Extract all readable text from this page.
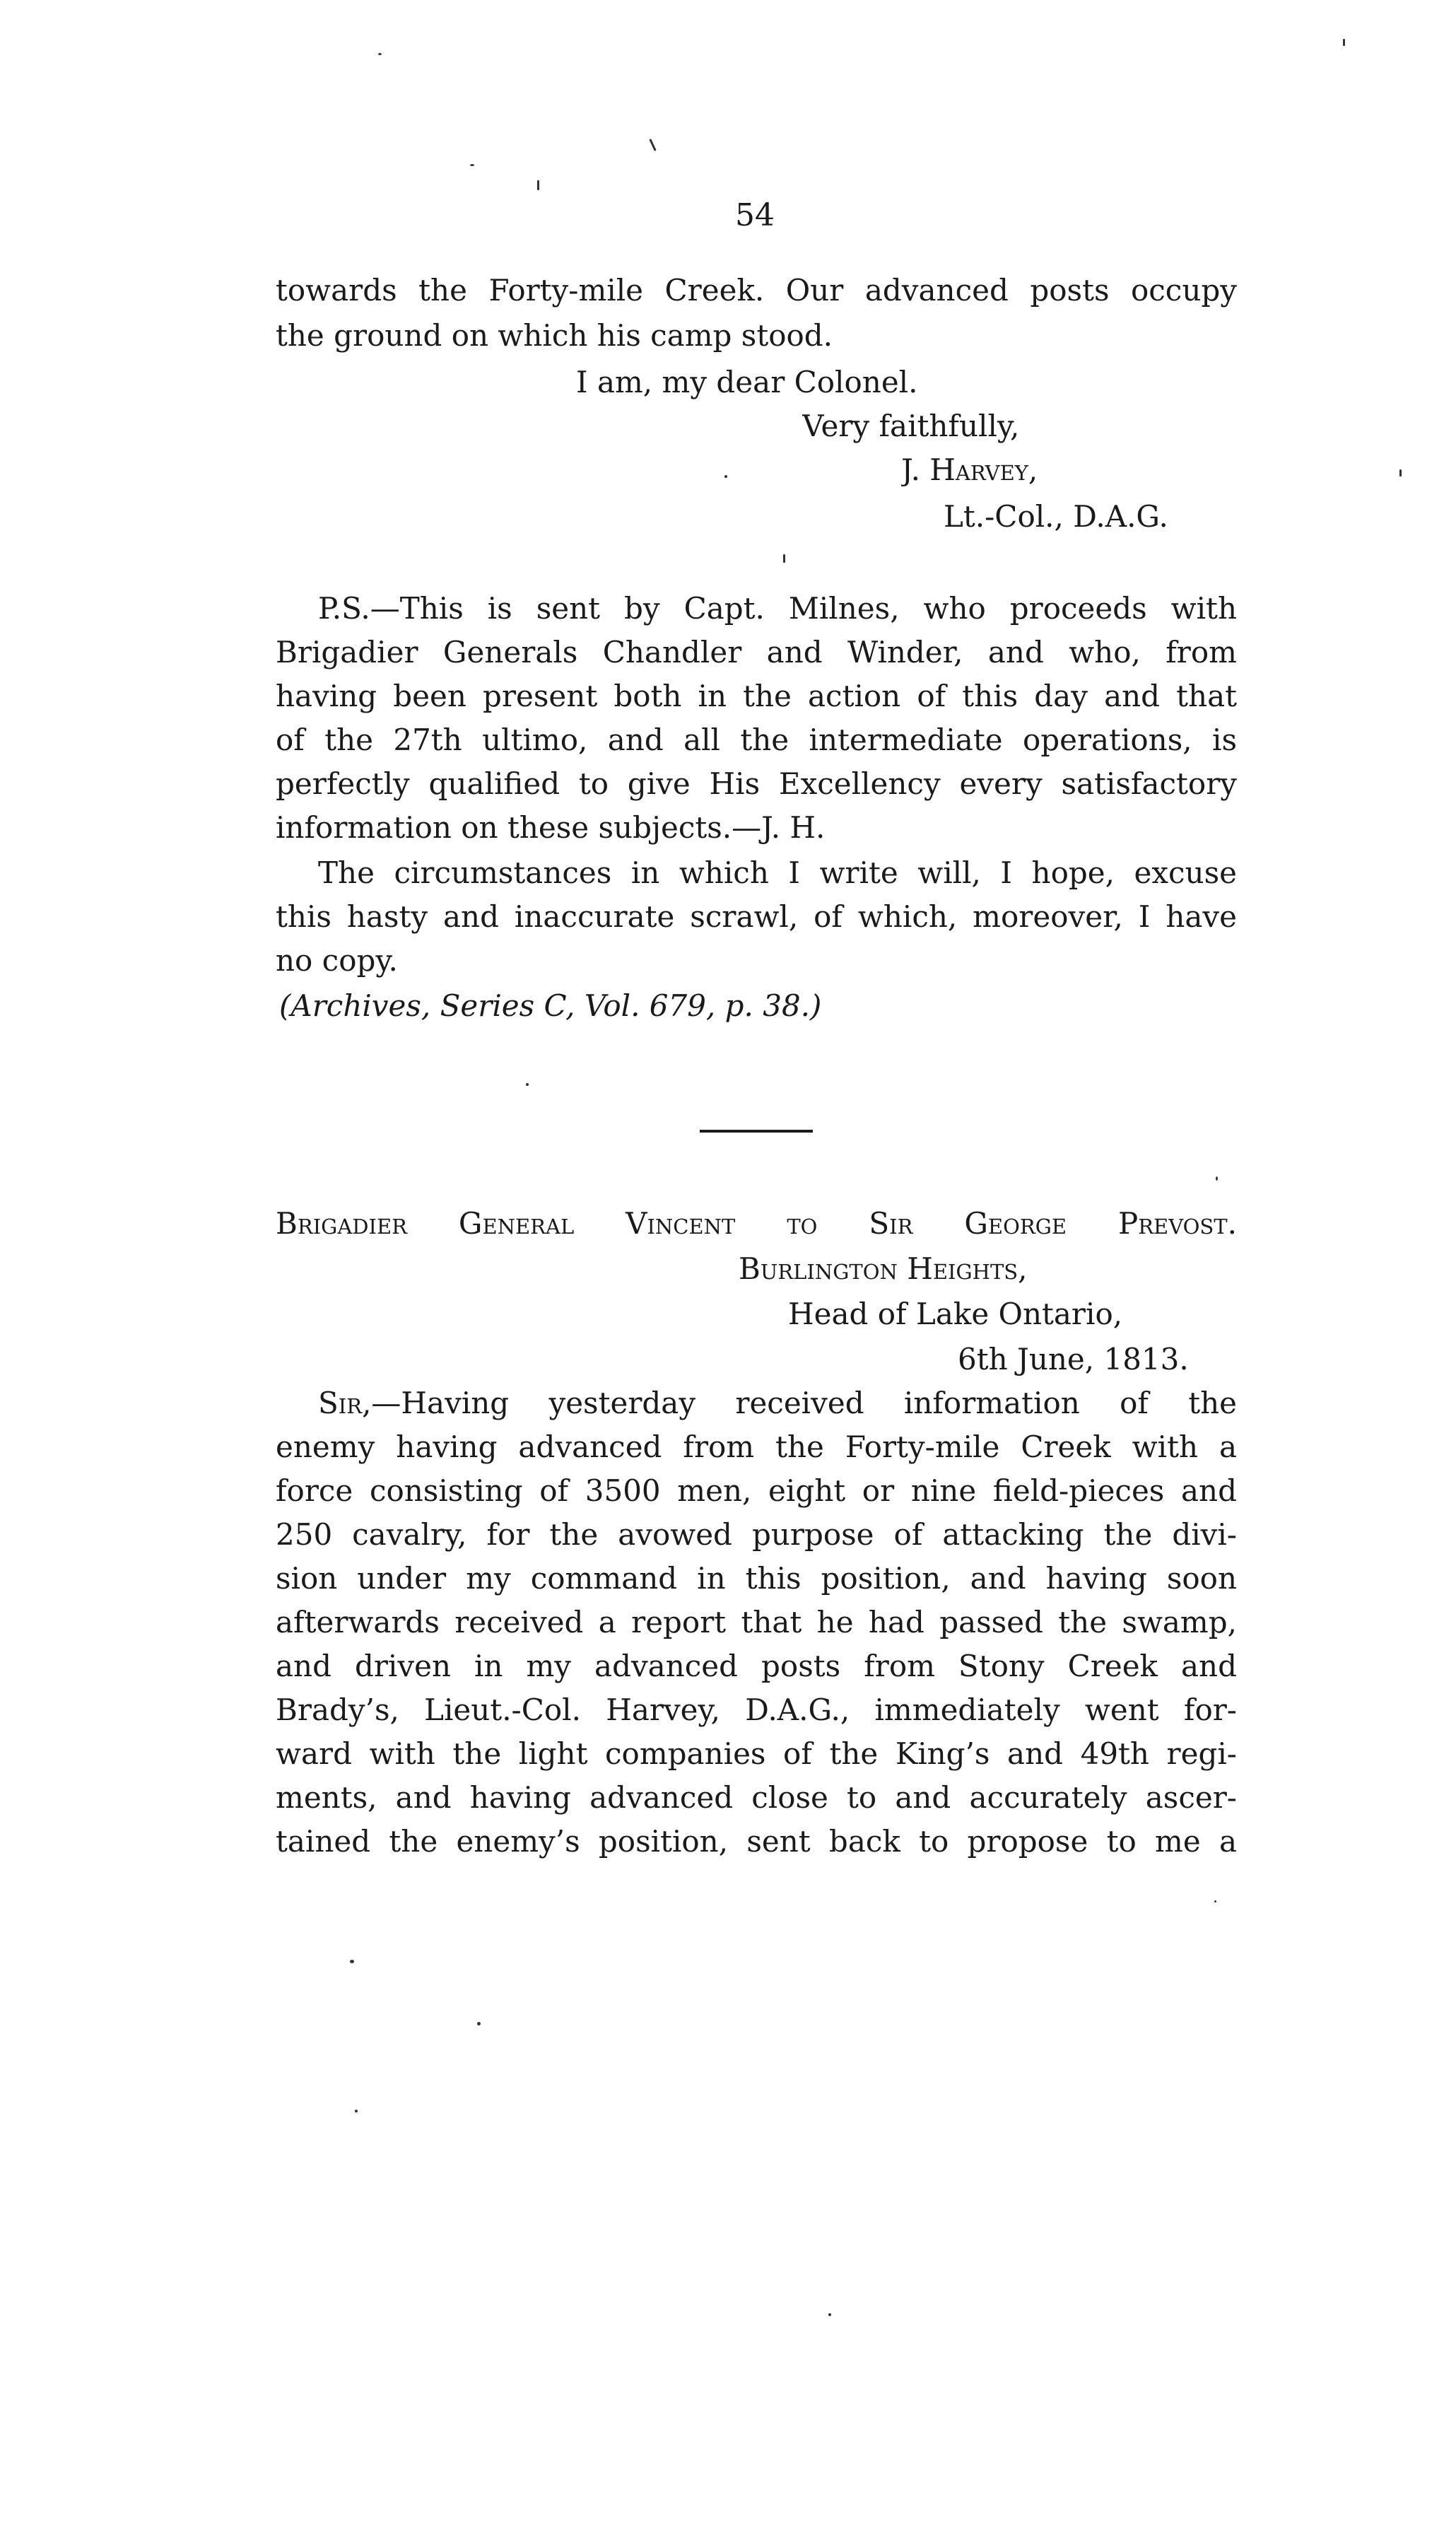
54
towards the Forty-mile Creek. Our advanced posts occupy
the ground on which his camp stood.
I am, my dear Colonel.
Very faithfully,
J. Harvey,
Lt.-Col., D.A.G.
P.S.—This is sent by Capt. Milnes, who proceeds with
Brigadier Generals Chandler and Winder, and who, from
having been present both in the action of this day and that
of the 27th ultimo, and all the intermediate operations, is
perfectly qualified to give His Excellency every satisfactory
information on these subjects.—J. H.
The circumstances in which I write will, I hope, excuse
this hasty and inaccurate scrawl, of which, moreover, I have
no copy.
(Archives, Series C, Vol. 679, p. 38.)
Brigadier General Vincent to Sir George Prevost.
Burlington Heights,
Head of Lake Ontario,
6th June, 1813.
Sir,—Having yesterday received information of the
enemy having advanced from the Forty-mile Creek with a
force consisting of 3500 men, eight or nine field-pieces and
250 cavalry, for the avowed purpose of attacking the divi-
sion under my command in this position, and having soon
afterwards received a report that he had passed the swamp,
and driven in my advanced posts from Stony Creek and
Brady’s, Lieut.-Col. Harvey, D.A.G., immediately went for-
ward with the light companies of the King’s and 49th regi-
ments, and having advanced close to and accurately ascer-
tained the enemy’s position, sent back to propose to me a
